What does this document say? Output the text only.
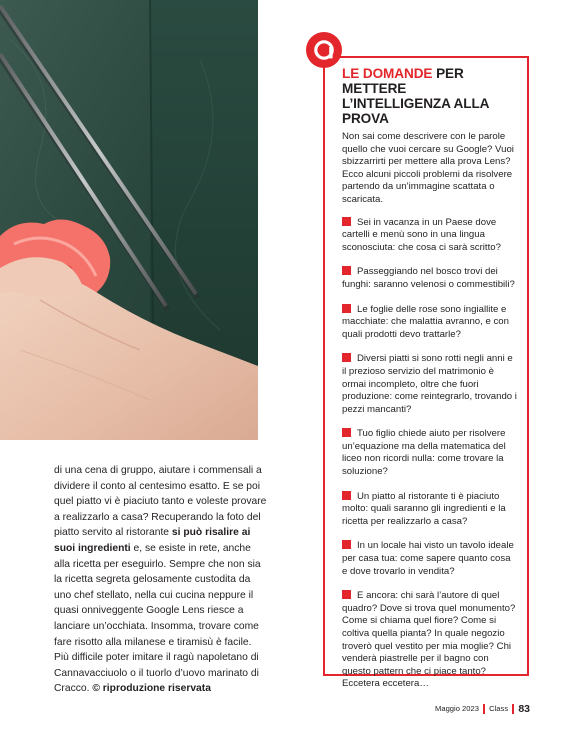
di una cena di gruppo, aiutare i commensali a dividere il conto al centesimo esatto. E se poi quel piatto vi è piaciuto tanto e voleste provare a realizzarlo a casa? Recuperando la foto del piatto servito al ristorante si può risalire ai suoi ingredienti e, se esiste in rete, anche alla ricetta per eseguirlo. Sempre che non sia la ricetta segreta gelosamente custodita da uno chef stellato, nella cui cucina neppure il quasi onniveggente Google Lens riesce a lanciare un’occhiata. Insomma, trovare come fare risotto alla milanese e tiramisù è facile. Più difficile poter imitare il ragù napoletano di Cannavacciuolo o il tuorlo d’uovo marinato di Cracco. © riproduzione riservata

LE DOMANDE PER METTERE L’INTELLIGENZA ALLA PROVA

Non sai come descrivere con le parole quello che vuoi cercare su Google? Vuoi sbizzarrirti per mettere alla prova Lens? Ecco alcuni piccoli problemi da risolvere partendo da un’immagine scattata o scaricata.

Sei in vacanza in un Paese dove cartelli e menù sono in una lingua sconosciuta: che cosa ci sarà scritto?
Passeggiando nel bosco trovi dei funghi: saranno velenosi o commestibili?
Le foglie delle rose sono ingiallite e macchiate: che malattia avranno, e con quali prodotti devo trattarle?
Diversi piatti si sono rotti negli anni e il prezioso servizio del matrimonio è ormai incompleto, oltre che fuori produzione: come reintegrarlo, trovando i pezzi mancanti?
Tuo figlio chiede aiuto per risolvere un’equazione ma della matematica del liceo non ricordi nulla: come trovare la soluzione?
Un piatto al ristorante ti è piaciuto molto: quali saranno gli ingredienti e la ricetta per realizzarlo a casa?
In un locale hai visto un tavolo ideale per casa tua: come sapere quanto cosa e dove trovarlo in vendita?
E ancora: chi sarà l’autore di quel quadro? Dove si trova quel monumento? Come si chiama quel fiore? Come si coltiva quella pianta? In quale negozio troverò quel vestito per mia moglie? Chi venderà piastrelle per il bagno con questo pattern che ci piace tanto? Eccetera eccetera…
Maggio 2023 Class 83
